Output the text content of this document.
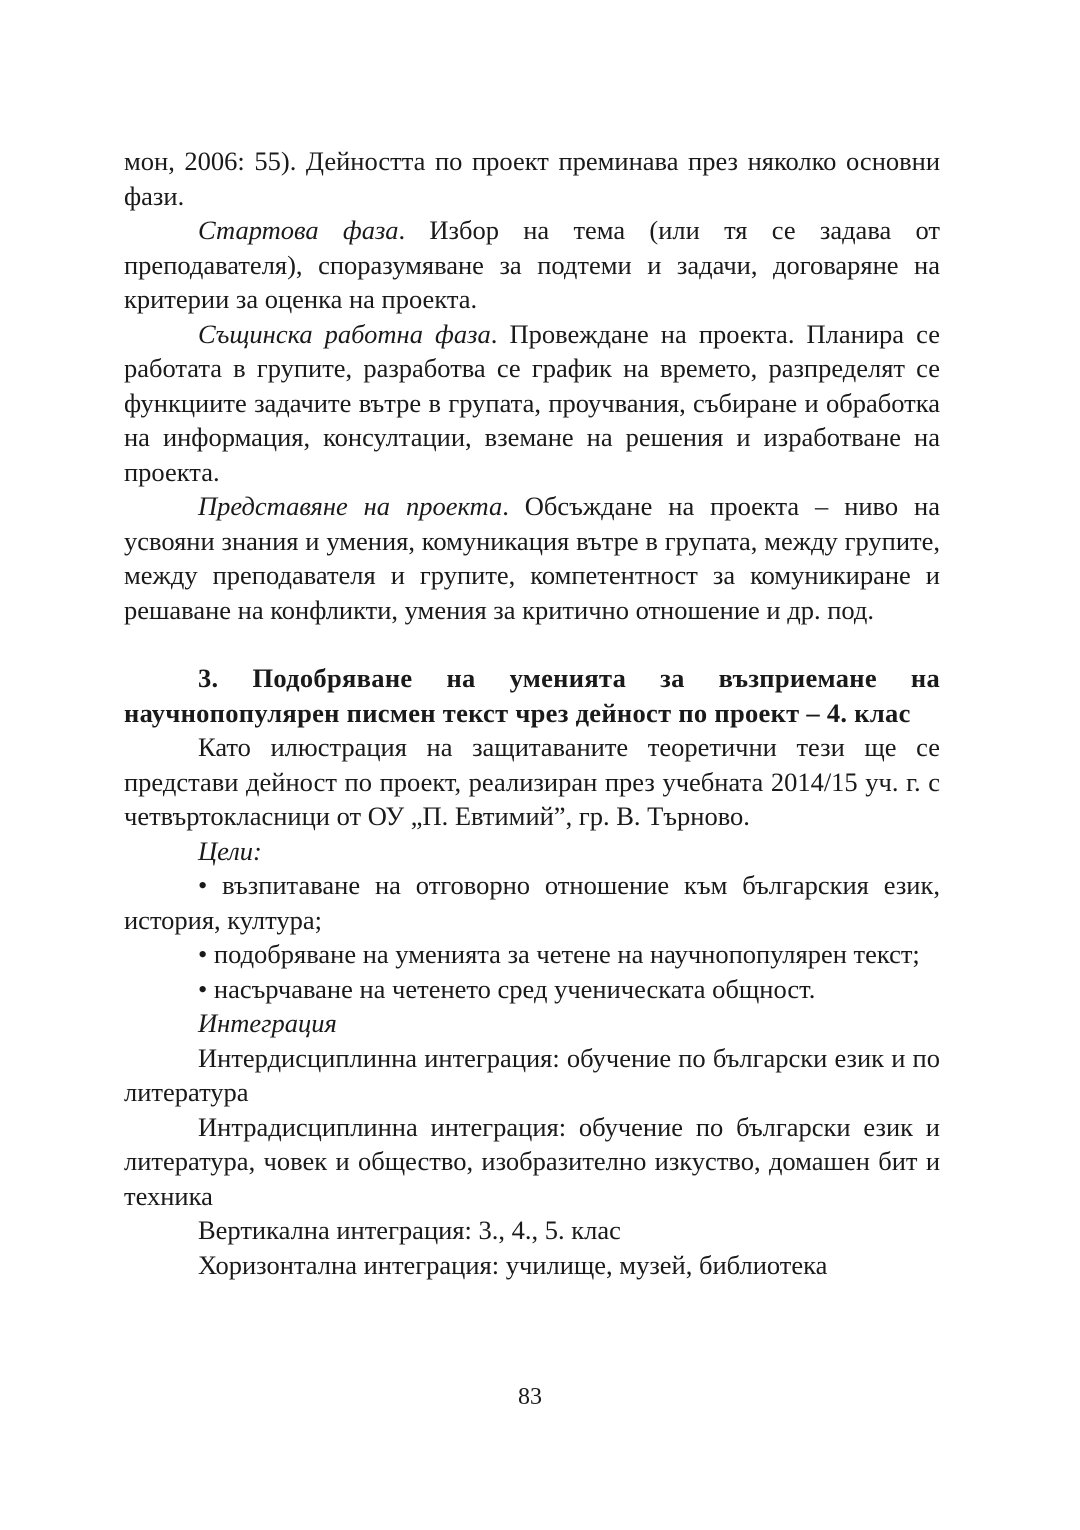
мон, 2006: 55). Дейността по проект преминава през няколко основни фази.

Стартова фаза. Избор на тема (или тя се задава от преподавателя), споразумяване за подтеми и задачи, договаряне на критерии за оценка на проекта.

Същинска работна фаза. Провеждане на проекта. Планира се работата в групите, разработва се график на времето, разпределят се функциите задачите вътре в групата, проучвания, събиране и обработка на информация, консултации, вземане на решения и изработване на проекта.

Представяне на проекта. Обсъждане на проекта – ниво на усвояни знания и умения, комуникация вътре в групата, между групите, между преподавателя и групите, компетентност за комуникиране и решаване на конфликти, умения за критично отношение и др. под.

3. Подобряване на уменията за възприемане на научнопопулярен писмен текст чрез дейност по проект – 4. клас

Като илюстрация на защитаваните теоретични тези ще се представи дейност по проект, реализиран през учебната 2014/15 уч. г. с четвъртокласници от ОУ „П. Евтимий”, гр. В. Търново.

Цели:

• възпитаване на отговорно отношение към българския език, история, култура;

• подобряване на уменията за четене на научнопопулярен текст;

• насърчаване на четенето сред ученическата общност.

Интеграция

Интердисциплинна интеграция: обучение по български език и по литература

Интрадисциплинна интеграция: обучение по български език и литература, човек и общество, изобразително изкуство, домашен бит и техника

Вертикална интеграция: 3., 4., 5. клас

Хоризонтална интеграция: училище, музей, библиотека

83
